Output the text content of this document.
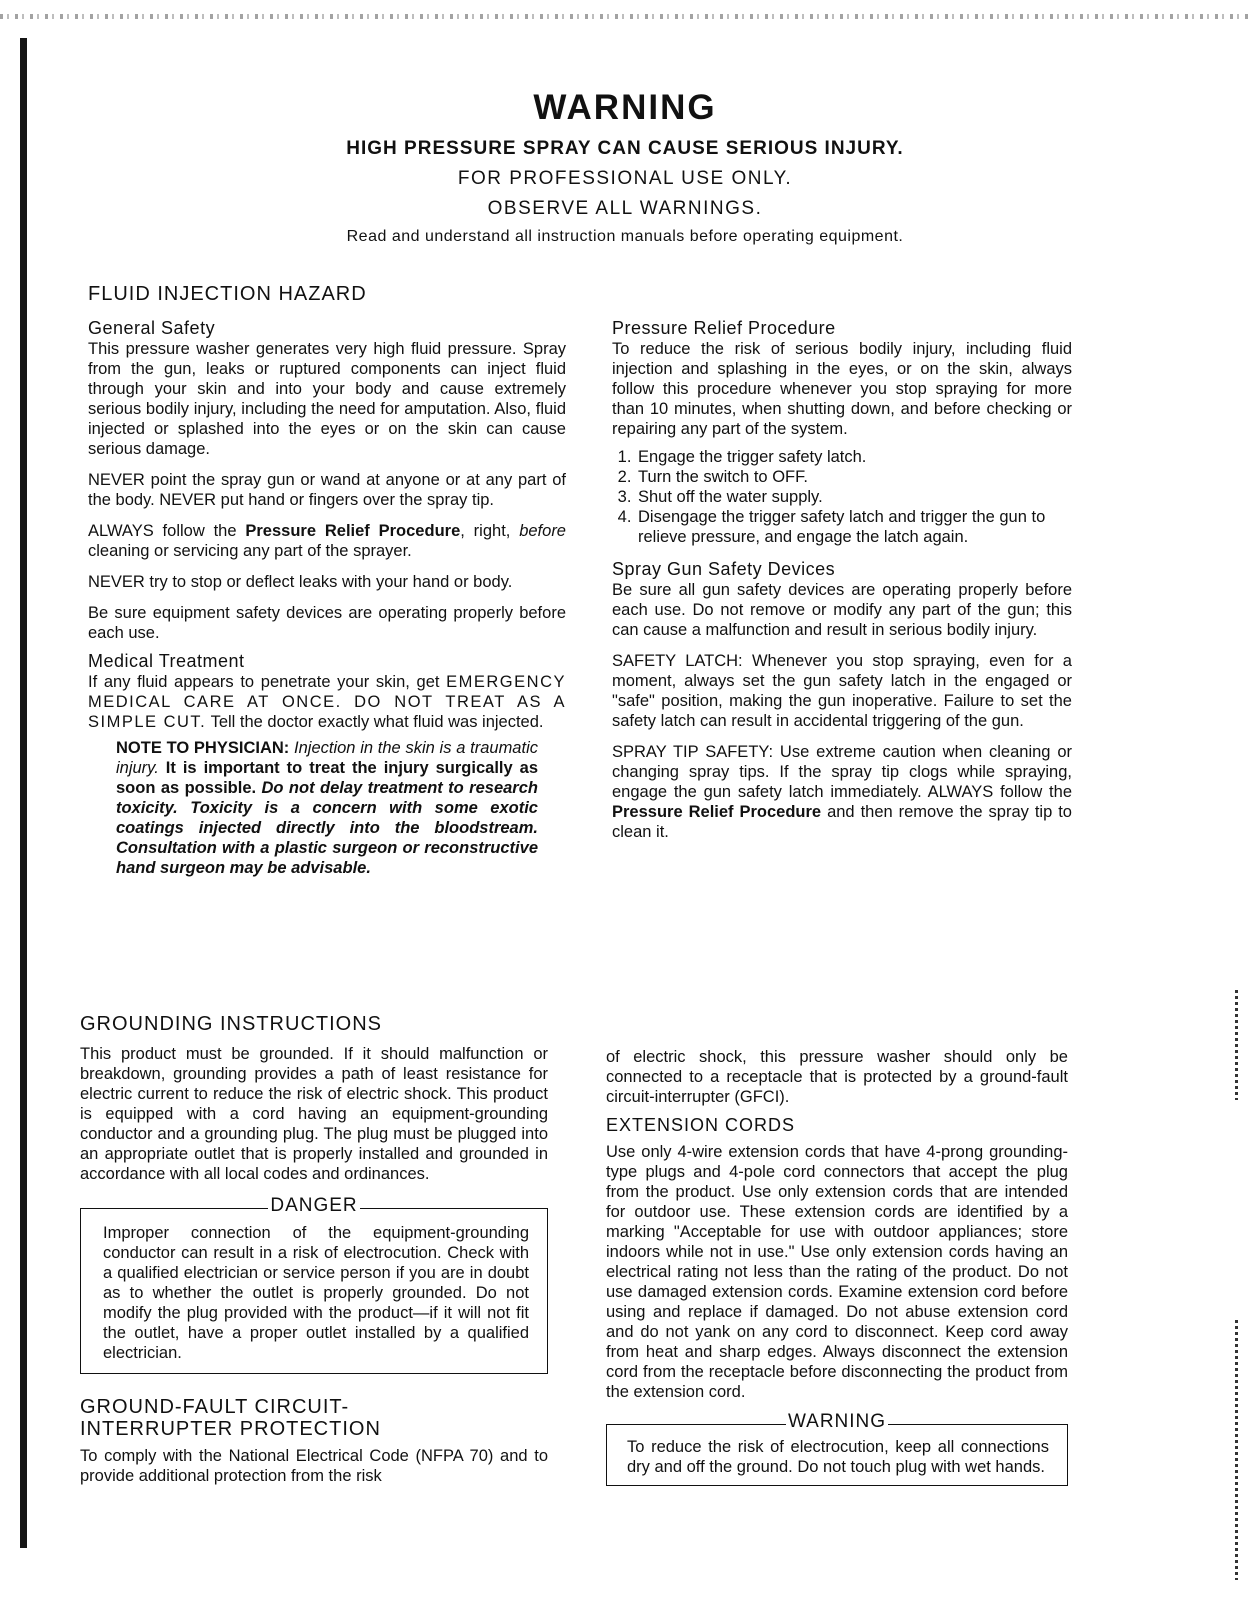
WARNING
HIGH PRESSURE SPRAY CAN CAUSE SERIOUS INJURY.
FOR PROFESSIONAL USE ONLY.
OBSERVE ALL WARNINGS.
Read and understand all instruction manuals before operating equipment.
FLUID INJECTION HAZARD
General Safety

This pressure washer generates very high fluid pressure. Spray from the gun, leaks or ruptured components can inject fluid through your skin and into your body and cause extremely serious bodily injury, including the need for amputation. Also, fluid injected or splashed into the eyes or on the skin can cause serious damage.

NEVER point the spray gun or wand at anyone or at any part of the body. NEVER put hand or fingers over the spray tip.

ALWAYS follow the Pressure Relief Procedure, right, before cleaning or servicing any part of the sprayer.

NEVER try to stop or deflect leaks with your hand or body.

Be sure equipment safety devices are operating properly before each use.

Medical Treatment

If any fluid appears to penetrate your skin, get EMERGENCY MEDICAL CARE AT ONCE. DO NOT TREAT AS A SIMPLE CUT. Tell the doctor exactly what fluid was injected.

NOTE TO PHYSICIAN: Injection in the skin is a traumatic injury. It is important to treat the injury surgically as soon as possible. Do not delay treatment to research toxicity. Toxicity is a concern with some exotic coatings injected directly into the bloodstream. Consultation with a plastic surgeon or reconstructive hand surgeon may be advisable.
Pressure Relief Procedure

To reduce the risk of serious bodily injury, including fluid injection and splashing in the eyes, or on the skin, always follow this procedure whenever you stop spraying for more than 10 minutes, when shutting down, and before checking or repairing any part of the system.

1. Engage the trigger safety latch.
2. Turn the switch to OFF.
3. Shut off the water supply.
4. Disengage the trigger safety latch and trigger the gun to relieve pressure, and engage the latch again.
Spray Gun Safety Devices

Be sure all gun safety devices are operating properly before each use. Do not remove or modify any part of the gun; this can cause a malfunction and result in serious bodily injury.

SAFETY LATCH: Whenever you stop spraying, even for a moment, always set the gun safety latch in the engaged or "safe" position, making the gun inoperative. Failure to set the safety latch can result in accidental triggering of the gun.

SPRAY TIP SAFETY: Use extreme caution when cleaning or changing spray tips. If the spray tip clogs while spraying, engage the gun safety latch immediately. ALWAYS follow the Pressure Relief Procedure and then remove the spray tip to clean it.

GROUNDING INSTRUCTIONS

This product must be grounded. If it should malfunction or breakdown, grounding provides a path of least resistance for electric current to reduce the risk of electric shock. This product is equipped with a cord having an equipment-grounding conductor and a grounding plug. The plug must be plugged into an appropriate outlet that is properly installed and grounded in accordance with all local codes and ordinances.

DANGER

Improper connection of the equipment-grounding conductor can result in a risk of electrocution. Check with a qualified electrician or service person if you are in doubt as to whether the outlet is properly grounded. Do not modify the plug provided with the product—if it will not fit the outlet, have a proper outlet installed by a qualified electrician.

GROUND-FAULT CIRCUIT-INTERRUPTER PROTECTION

To comply with the National Electrical Code (NFPA 70) and to provide additional protection from the risk

of electric shock, this pressure washer should only be connected to a receptacle that is protected by a ground-fault circuit-interrupter (GFCI).

EXTENSION CORDS

Use only 4-wire extension cords that have 4-prong grounding-type plugs and 4-pole cord connectors that accept the plug from the product. Use only extension cords that are intended for outdoor use. These extension cords are identified by a marking "Acceptable for use with outdoor appliances; store indoors while not in use." Use only extension cords having an electrical rating not less than the rating of the product. Do not use damaged extension cords. Examine extension cord before using and replace if damaged. Do not abuse extension cord and do not yank on any cord to disconnect. Keep cord away from heat and sharp edges. Always disconnect the extension cord from the receptacle before disconnecting the product from the extension cord.

WARNING

To reduce the risk of electrocution, keep all connections dry and off the ground. Do not touch plug with wet hands.
